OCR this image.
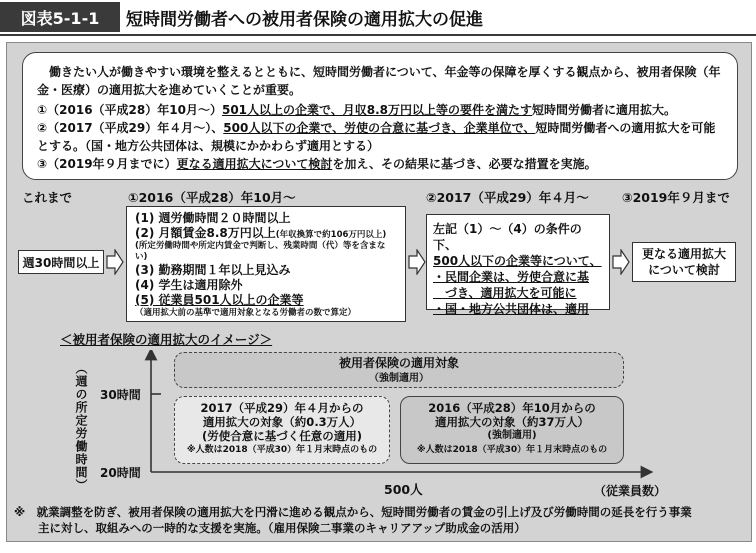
図表5-1-1	短時間労働者への被用者保険の適用拡大の促進

働きたい人が働きやすい環境を整えるとともに、短時間労働者について、年金等の保障を厚くする観点から、被用者保険（年金・医療）の適用拡大を進めていくことが重要。

①（2016（平成28）年10月〜）501人以上の企業で、月収8.8万円以上等の要件を満たす短時間労働者に適用拡大。

②（2017（平成29）年４月〜）、500人以下の企業で、労使の合意に基づき、企業単位で、短時間労働者への適用拡大を可能とする。（国・地方公共団体は、規模にかかわらず適用とする）

③（2019年９月までに）更なる適用拡大について検討を加え、その結果に基づき、必要な措置を実施。

これまで	①2016（平成28）年10月〜	②2017（平成29）年４月〜	③2019年９月まで
週30時間以上
(1) 週労働時間２０時間以上
(2) 月額賃金8.8万円以上(年収換算で約106万円以上)
(所定労働時間や所定内賃金で判断し、残業時間（代）等を含まない)
(3) 勤務期間１年以上見込み
(4) 学生は適用除外
(5) 従業員501人以上の企業等
（適用拡大前の基準で適用対象となる労働者の数で算定）
左記（1）〜（4）の条件の下、
500人以下の企業等について、
・民間企業は、労使合意に基
　づき、適用拡大を可能に
・国・地方公共団体は、適用
更なる適用拡大
について検討
＜被用者保険の適用拡大のイメージ＞
（週の所定労働時間） 30時間
20時間
被用者保険の適用対象
（強制適用）
2017（平成29）年４月からの
適用拡大の対象（約0.3万人）
(労使合意に基づく任意の適用)
※人数は2018（平成30）年１月末時点のもの
2016（平成28）年10月からの
適用拡大の対象（約37万人）
(強制適用)
※人数は2018（平成30）年１月末時点のもの
500人	（従業員数）
※　就業調整を防ぎ、被用者保険の適用拡大を円滑に進める観点から、短時間労働者の賃金の引上げ及び労働時間の延長を行う事業
主に対し、取組みへの一時的な支援を実施。（雇用保険二事業のキャリアアップ助成金の活用）
